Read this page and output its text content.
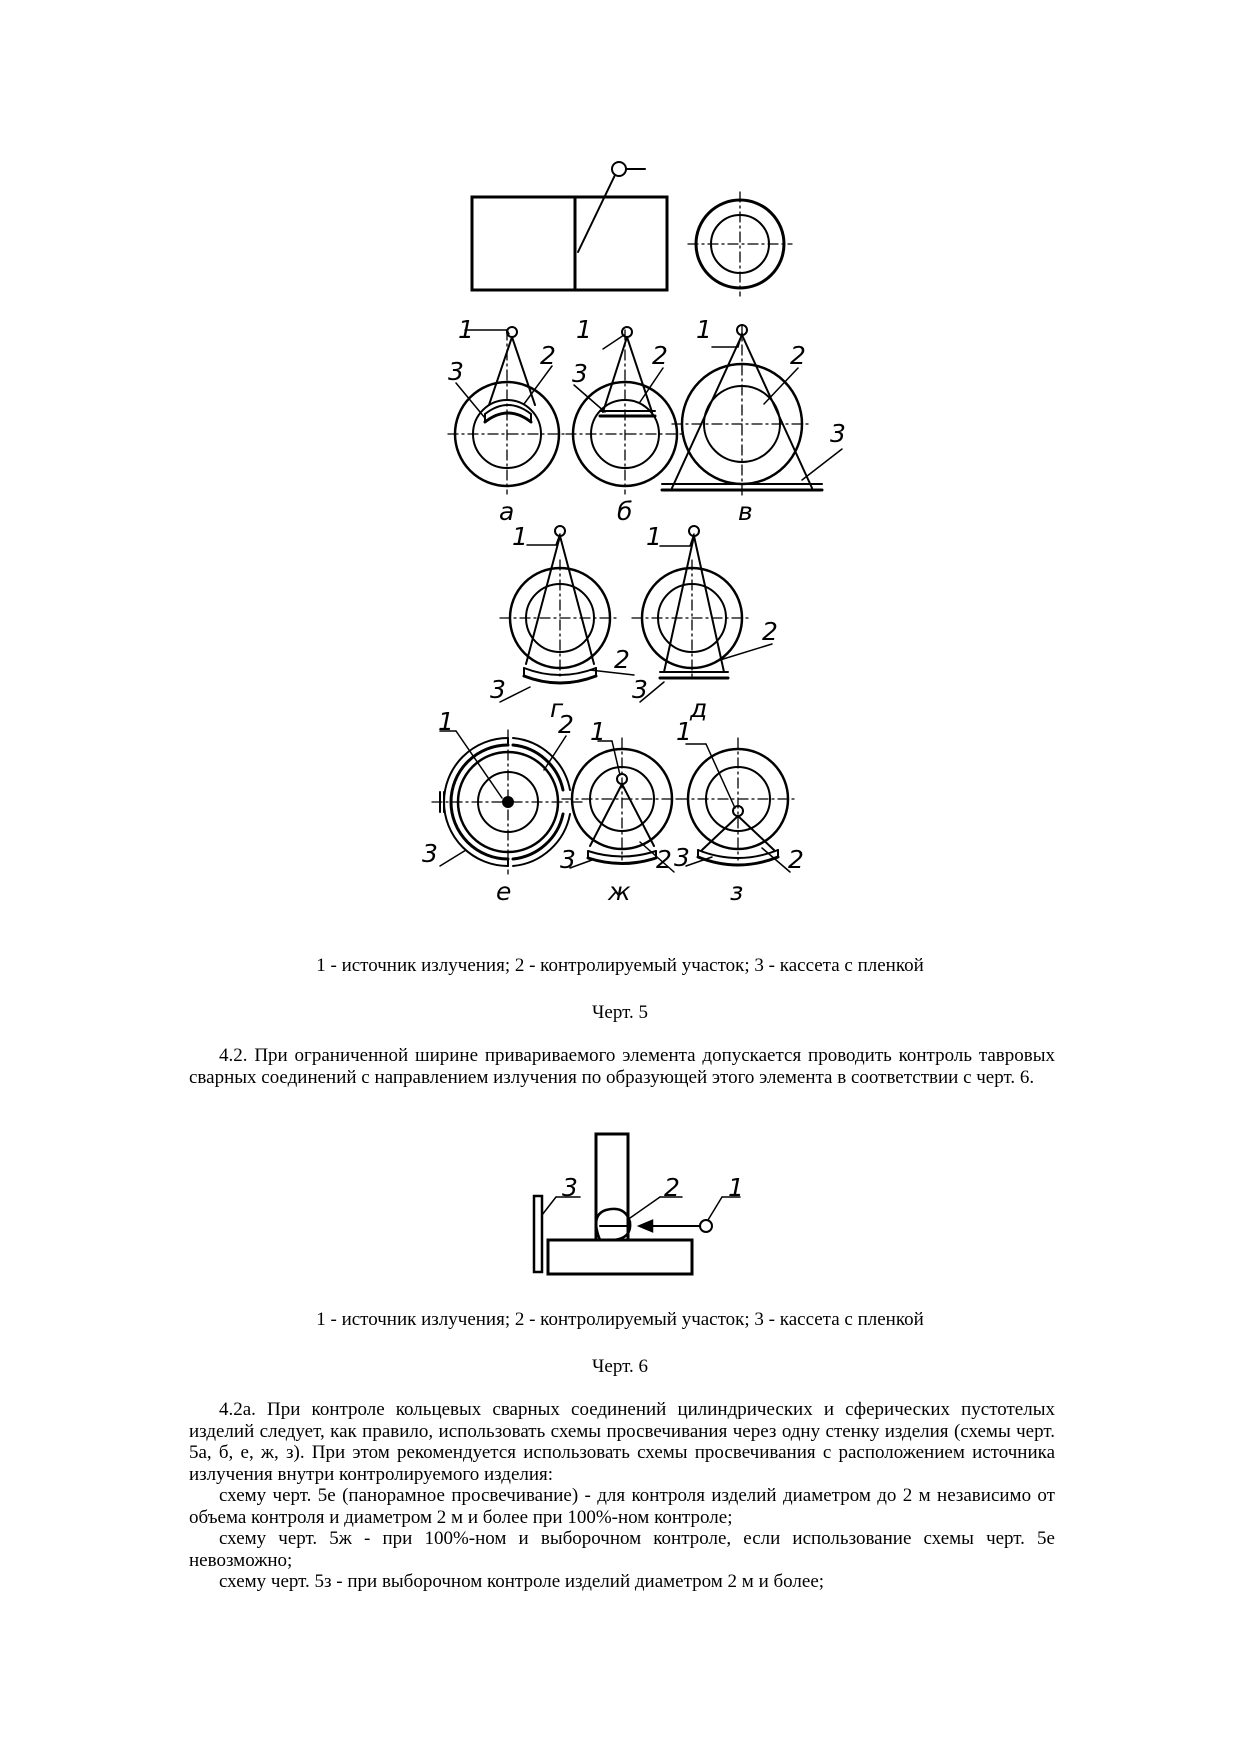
1
2
3
а
1
2
3
б
1
2
3
в
1
2
3
г
1
2
3
д
1	2
3
е
1
2
3
ж
1
2
3
з
1 - источник излучения; 2 - контролируемый участок; 3 - кассета с пленкой
Черт. 5

4.2. При ограниченной ширине привариваемого элемента допускается проводить контроль тавровых сварных соединений с направлением излучения по образующей этого элемента в соответствии с черт. 6.

3	2 1
1 - источник излучения; 2 - контролируемый участок; 3 - кассета с пленкой
Черт. 6

4.2а. При контроле кольцевых сварных соединений цилиндрических и сферических пустотелых изделий следует, как правило, использовать схемы просвечивания через одну стенку изделия (схемы черт. 5а, б, е, ж, з). При этом рекомендуется использовать схемы просвечивания с расположением источника излучения внутри контролируемого изделия:

схему черт. 5е (панорамное просвечивание) - для контроля изделий диаметром до 2 м независимо от объема контроля и диаметром 2 м и более при 100%-ном контроле;

схему черт. 5ж - при 100%-ном и выборочном контроле, если использование схемы черт. 5е невозможно;

схему черт. 5з - при выборочном контроле изделий диаметром 2 м и более;
